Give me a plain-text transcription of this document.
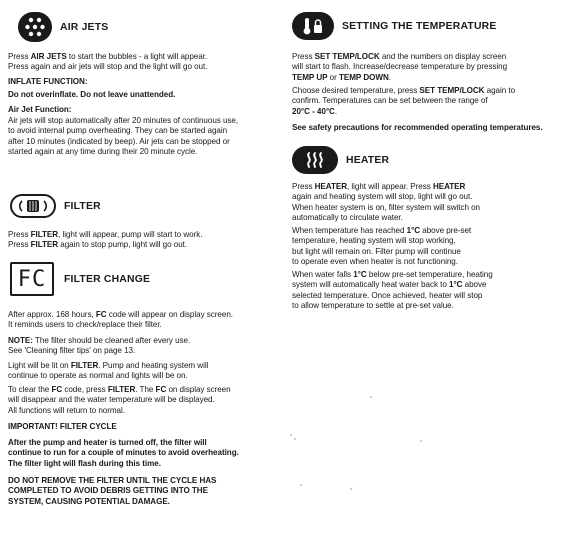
AIR JETS
Press AIR JETS to start the bubbles - a light will appear.
Press again and air jets will stop and the light will go out.
INFLATE FUNCTION:
Do not overinflate. Do not leave unattended.
Air Jet Function:
Air jets will stop automatically after 20 minutes of continuous use,
to avoid internal pump overheating. They can be started again
after 10 minutes (indicated by beep). Air jets can be stopped or
started again at any time during their 20 minute cycle.
FILTER
Press FILTER, light will appear, pump will start to work.
Press FILTER again to stop pump, light will go out.
FC	FILTER CHANGE
After approx. 168 hours, FC code will appear on display screen.
It reminds users to check/replace their filter.
NOTE: The filter should be cleaned after every use.
See 'Cleaning filter tips' on page 13.
Light will be lit on FILTER. Pump and heating system will
continue to operate as normal and lights will be on.
To clear the FC code, press FILTER. The FC on display screen
will disappear and the water temperature will be displayed.
All functions will return to normal.
IMPORTANT! FILTER CYCLE
After the pump and heater is turned off, the filter will
continue to run for a couple of minutes to avoid overheating.
The filter light will flash during this time.
DO NOT REMOVE THE FILTER UNTIL THE CYCLE HAS
COMPLETED TO AVOID DEBRIS GETTING INTO THE
SYSTEM, CAUSING POTENTIAL DAMAGE.
SETTING THE TEMPERATURE
Press SET TEMP/LOCK and the numbers on display screen
will start to flash. Increase/decrease temperature by pressing
TEMP UP or TEMP DOWN.
Choose desired temperature, press SET TEMP/LOCK again to
confirm. Temperatures can be set between the range of
20°C - 40°C.
See safety precautions for recommended operating temperatures.
HEATER
Press HEATER, light will appear. Press HEATER
again and heating system will stop, light will go out.
When heater system is on, filter system will switch on
automatically to circulate water.
When temperature has reached 1°C above pre-set
temperature, heating system will stop working,
but light will remain on. Filter pump will continue
to operate even when heater is not functioning.
When water falls 1°C below pre-set temperature, heating
system will automatically heat water back to 1°C above
selected temperature. Once achieved, heater will stop
to allow temperature to settle at pre-set value.
